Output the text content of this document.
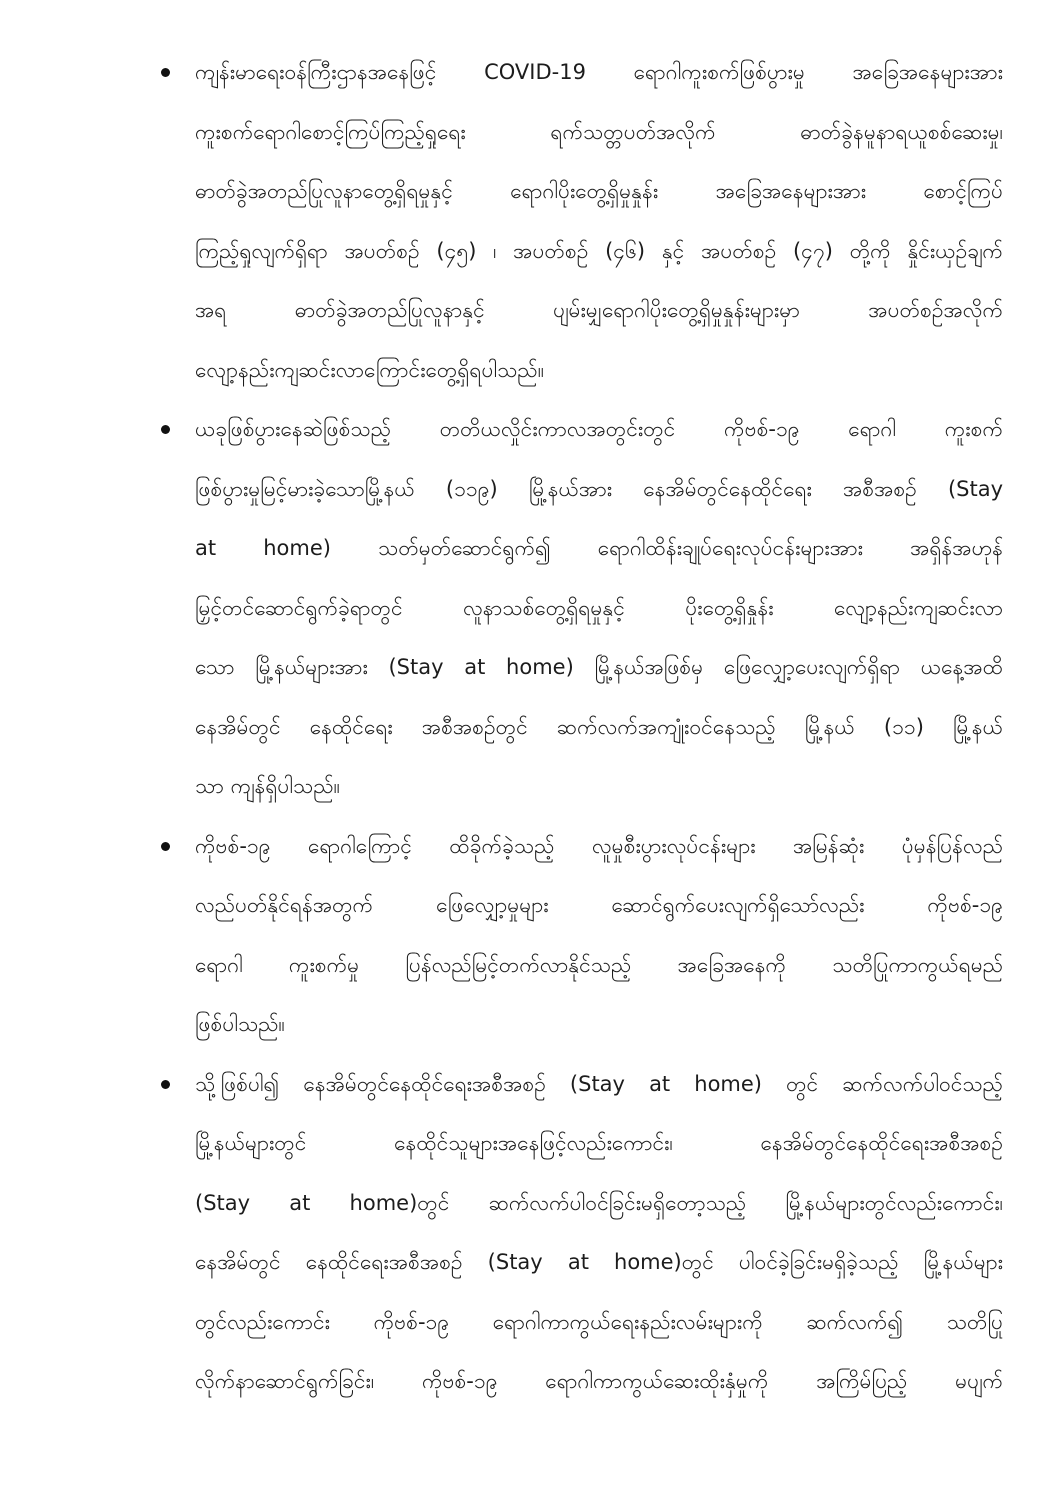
ကျန်းမာရေးဝန်ကြီးဌာနအနေဖြင့် COVID-19 ရောဂါကူးစက်ဖြစ်ပွားမှု အခြေအနေများအား
ကူးစက်ရောဂါစောင့်ကြပ်ကြည့်ရှုရေး ရက်သတ္တပတ်အလိုက် ဓာတ်ခွဲနမူနာရယူစစ်ဆေးမှု၊
ဓာတ်ခွဲအတည်ပြုလူနာတွေ့ရှိရမှုနှင့် ရောဂါပိုးတွေ့ရှိမှုနှုန်း အခြေအနေများအား စောင့်ကြပ်
ကြည့်ရှုလျက်ရှိရာ အပတ်စဉ် (၄၅) ၊ အပတ်စဉ် (၄၆) နှင့် အပတ်စဉ် (၄၇) တို့ကို နှိုင်းယှဉ်ချက်
အရ ဓာတ်ခွဲအတည်ပြုလူနာနှင့် ပျမ်းမျှရောဂါပိုးတွေ့ရှိမှုနှုန်းများမှာ အပတ်စဉ်အလိုက်
လျော့နည်းကျဆင်းလာကြောင်းတွေ့ရှိရပါသည်။
ယခုဖြစ်ပွားနေဆဲဖြစ်သည့် တတိယလှိုင်းကာလအတွင်းတွင် ကိုဗစ်-၁၉ ရောဂါ ကူးစက်
ဖြစ်ပွားမှုမြင့်မားခဲ့သောမြို့နယ် (၁၁၉) မြို့နယ်အား နေအိမ်တွင်နေထိုင်ရေး အစီအစဉ် (Stay
at home) သတ်မှတ်ဆောင်ရွက်၍ ရောဂါထိန်းချုပ်ရေးလုပ်ငန်းများအား အရှိန်အဟုန်
မြှင့်တင်ဆောင်ရွက်ခဲ့ရာတွင် လူနာသစ်တွေ့ရှိရမှုနှင့် ပိုးတွေ့ရှိနှုန်း လျော့နည်းကျဆင်းလာ
သော မြို့နယ်များအား (Stay at home) မြို့နယ်အဖြစ်မှ ဖြေလျှော့ပေးလျက်ရှိရာ ယနေ့အထိ
နေအိမ်တွင် နေထိုင်ရေး အစီအစဉ်တွင် ဆက်လက်အကျုံးဝင်နေသည့် မြို့နယ် (၁၁) မြို့နယ်
သာ ကျန်ရှိပါသည်။
ကိုဗစ်-၁၉ ရောဂါကြောင့် ထိခိုက်ခဲ့သည့် လူမှုစီးပွားလုပ်ငန်းများ အမြန်ဆုံး ပုံမှန်ပြန်လည်
လည်ပတ်နိုင်ရန်အတွက် ဖြေလျှော့မှုများ ဆောင်ရွက်ပေးလျက်ရှိသော်လည်း ကိုဗစ်-၁၉
ရောဂါ ကူးစက်မှု ပြန်လည်မြင့်တက်လာနိုင်သည့် အခြေအနေကို သတိပြုကာကွယ်ရမည်
ဖြစ်ပါသည်။
သို့ဖြစ်ပါ၍ နေအိမ်တွင်နေထိုင်ရေးအစီအစဉ် (Stay at home) တွင် ဆက်လက်ပါဝင်သည့်
မြို့နယ်များတွင် နေထိုင်သူများအနေဖြင့်လည်းကောင်း၊ နေအိမ်တွင်နေထိုင်ရေးအစီအစဉ်
(Stay at home)တွင် ဆက်လက်ပါဝင်ခြင်းမရှိတော့သည့် မြို့နယ်များတွင်လည်းကောင်း၊
နေအိမ်တွင် နေထိုင်ရေးအစီအစဉ် (Stay at home)တွင် ပါဝင်ခဲ့ခြင်းမရှိခဲ့သည့် မြို့နယ်များ
တွင်လည်းကောင်း ကိုဗစ်-၁၉ ရောဂါကာကွယ်ရေးနည်းလမ်းများကို ဆက်လက်၍ သတိပြု
လိုက်နာဆောင်ရွက်ခြင်း၊ ကိုဗစ်-၁၉ ရောဂါကာကွယ်ဆေးထိုးနှံမှုကို အကြိမ်ပြည့် မပျက်
